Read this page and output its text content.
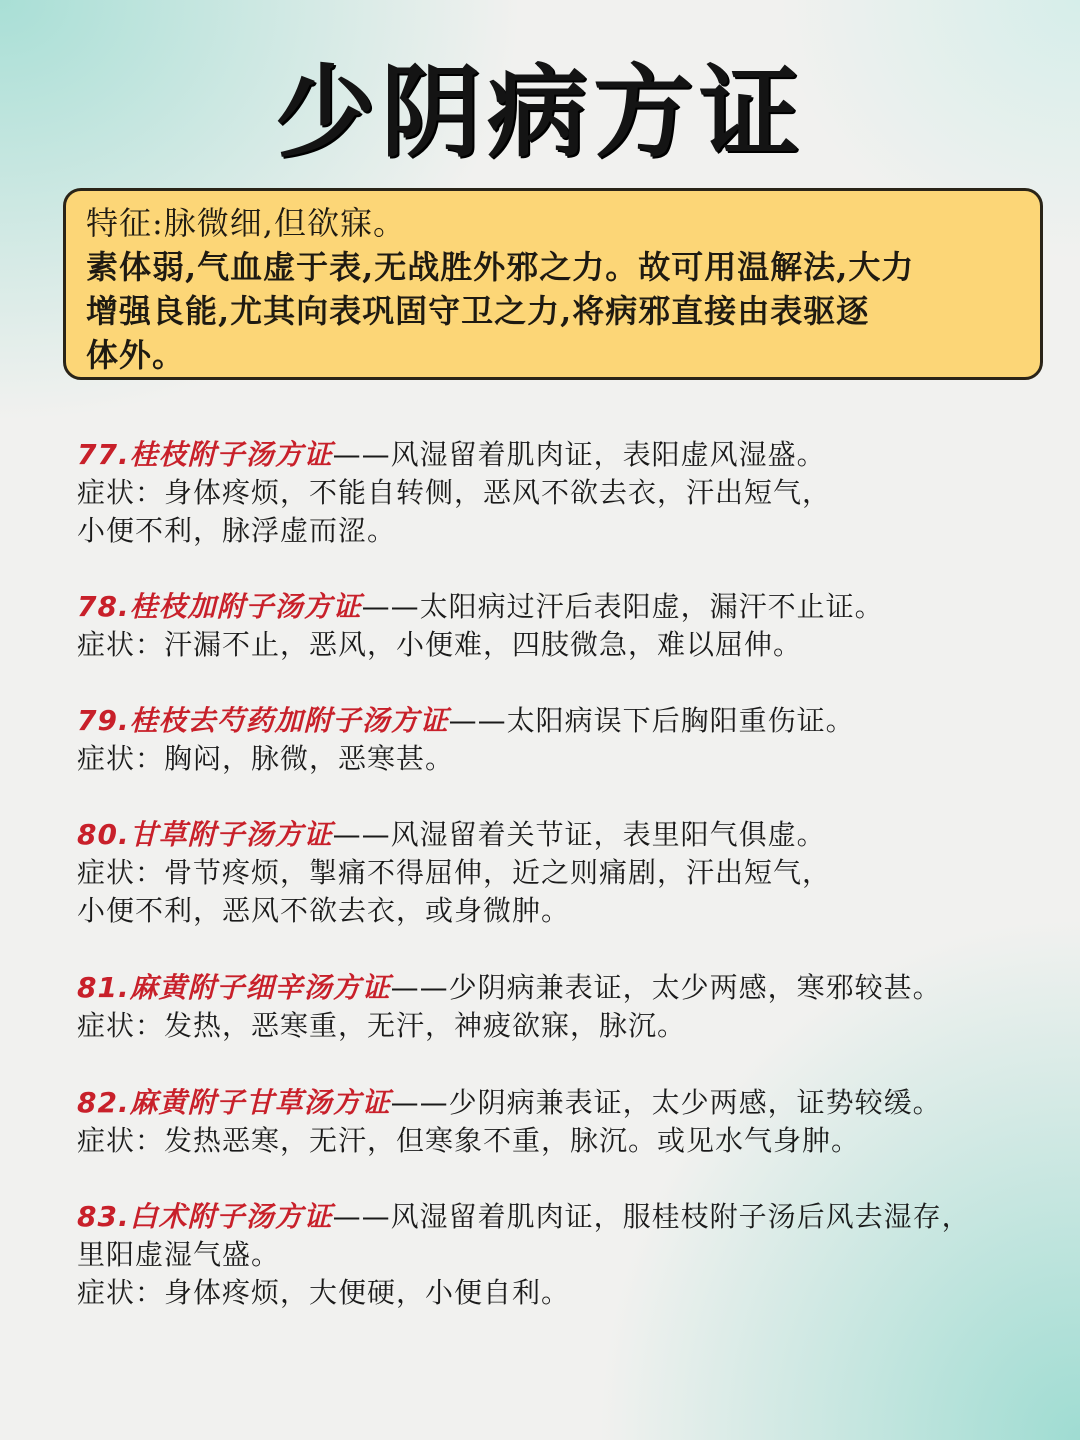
少阴病方证
特征:脉微细,但欲寐。
素体弱,气血虚于表,无战胜外邪之力。故可用温解法,大力
增强良能,尤其向表巩固守卫之力,将病邪直接由表驱逐
体外。
77.桂枝附子汤方证——风湿留着肌肉证，表阳虚风湿盛。
症状：身体疼烦，不能自转侧，恶风不欲去衣，汗出短气，
小便不利，脉浮虚而涩。
78.桂枝加附子汤方证——太阳病过汗后表阳虚，漏汗不止证。
症状：汗漏不止，恶风，小便难，四肢微急，难以屈伸。
79.桂枝去芍药加附子汤方证——太阳病误下后胸阳重伤证。
症状：胸闷，脉微，恶寒甚。
80.甘草附子汤方证——风湿留着关节证，表里阳气俱虚。
症状：骨节疼烦，掣痛不得屈伸，近之则痛剧，汗出短气，
小便不利，恶风不欲去衣，或身微肿。
81.麻黄附子细辛汤方证——少阴病兼表证，太少两感，寒邪较甚。
症状：发热，恶寒重，无汗，神疲欲寐，脉沉。
82.麻黄附子甘草汤方证——少阴病兼表证，太少两感，证势较缓。
症状：发热恶寒，无汗，但寒象不重，脉沉。或见水气身肿。
83.白术附子汤方证——风湿留着肌肉证，服桂枝附子汤后风去湿存，
里阳虚湿气盛。
症状：身体疼烦，大便硬，小便自利。
